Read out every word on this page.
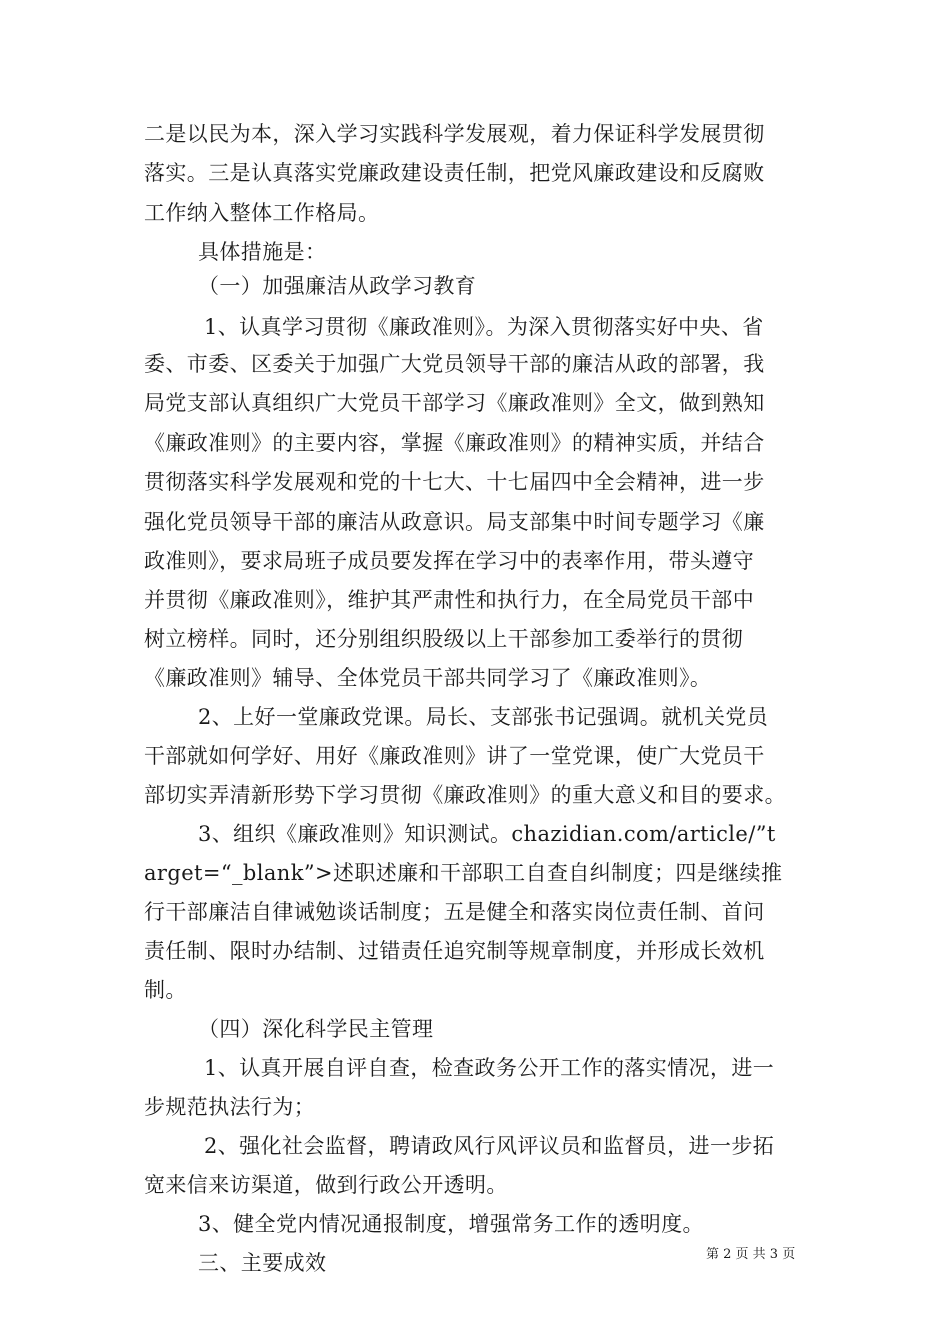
二是以民为本，深入学习实践科学发展观，着力保证科学发展贯彻
落实。三是认真落实党廉政建设责任制，把党风廉政建设和反腐败
工作纳入整体工作格局。
具体措施是：
（一）加强廉洁从政学习教育
1、认真学习贯彻《廉政准则》。为深入贯彻落实好中央、省
委、市委、区委关于加强广大党员领导干部的廉洁从政的部署，我
局党支部认真组织广大党员干部学习《廉政准则》全文，做到熟知
《廉政准则》的主要内容，掌握《廉政准则》的精神实质，并结合
贯彻落实科学发展观和党的十七大、十七届四中全会精神，进一步
强化党员领导干部的廉洁从政意识。局支部集中时间专题学习《廉
政准则》，要求局班子成员要发挥在学习中的表率作用，带头遵守
并贯彻《廉政准则》，维护其严肃性和执行力，在全局党员干部中
树立榜样。同时，还分别组织股级以上干部参加工委举行的贯彻
《廉政准则》辅导、全体党员干部共同学习了《廉政准则》。
2、上好一堂廉政党课。局长、支部张书记强调。就机关党员
干部就如何学好、用好《廉政准则》讲了一堂党课，使广大党员干
部切实弄清新形势下学习贯彻《廉政准则》的重大意义和目的要求。
3、组织《廉政准则》知识测试。chazidian.com/article/”t
arget=“_blank”>述职述廉和干部职工自查自纠制度；四是继续推
行干部廉洁自律诫勉谈话制度；五是健全和落实岗位责任制、首问
责任制、限时办结制、过错责任追究制等规章制度，并形成长效机
制。
（四）深化科学民主管理
1、认真开展自评自查，检查政务公开工作的落实情况，进一
步规范执法行为；
2、强化社会监督，聘请政风行风评议员和监督员，进一步拓
宽来信来访渠道，做到行政公开透明。
3、健全党内情况通报制度，增强常务工作的透明度。
三、主要成效	第 2 页 共 3 页
